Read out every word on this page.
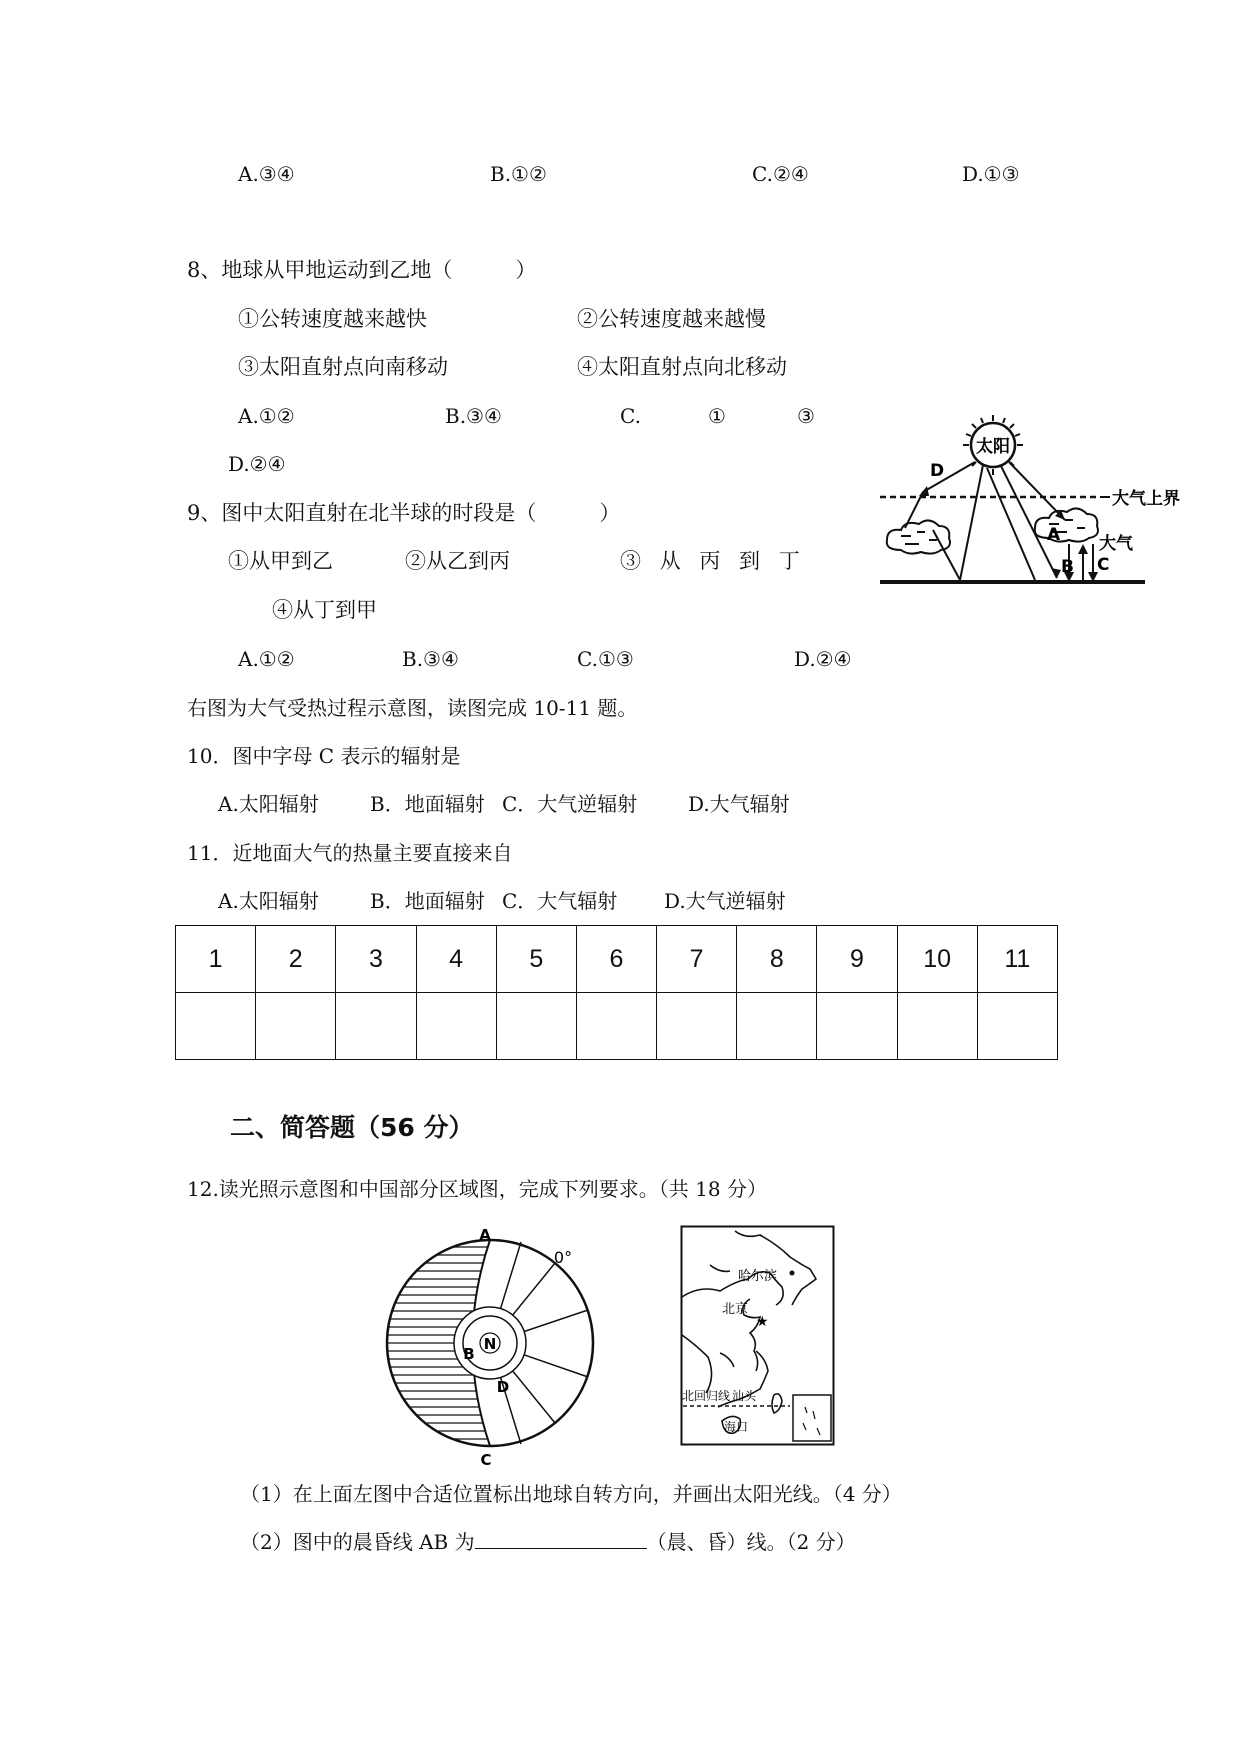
A.③④	B.①②	C.②④	D.①③
8、地球从甲地运动到乙地（　　　）
①公转速度越来越快	②公转速度越来越慢
③太阳直射点向南移动	④太阳直射点向北移动
A.①②	B.③④	C.	①	③
D.②④
9、图中太阳直射在北半球的时段是（　　　）
①从甲到乙	②从乙到丙	③ 从 丙 到 丁
④从丁到甲
A.①②	B.③④	C.①③	D.②④
右图为大气受热过程示意图，读图完成 10-11 题。
10．图中字母 C 表示的辐射是
A.太阳辐射	B．地面辐射 C．大气逆辐射	D.大气辐射
11．近地面大气的热量主要直接来自
A.太阳辐射	B．地面辐射 C．大气辐射 D.大气逆辐射
1	2	3	4	5	6	7	8	9	10	11

二、简答题（56 分）
12.读光照示意图和中国部分区域图，完成下列要求。（共 18 分）
（1）在上面左图中合适位置标出地球自转方向，并画出太阳光线。（4 分）
（2）图中的晨昏线 AB 为	（晨、昏）线。（2 分）
太阳
大气上界
大气
D
A
B C
N
A
B
C
D
0°
哈尔滨
北京
★
北回归线 汕头
海口
